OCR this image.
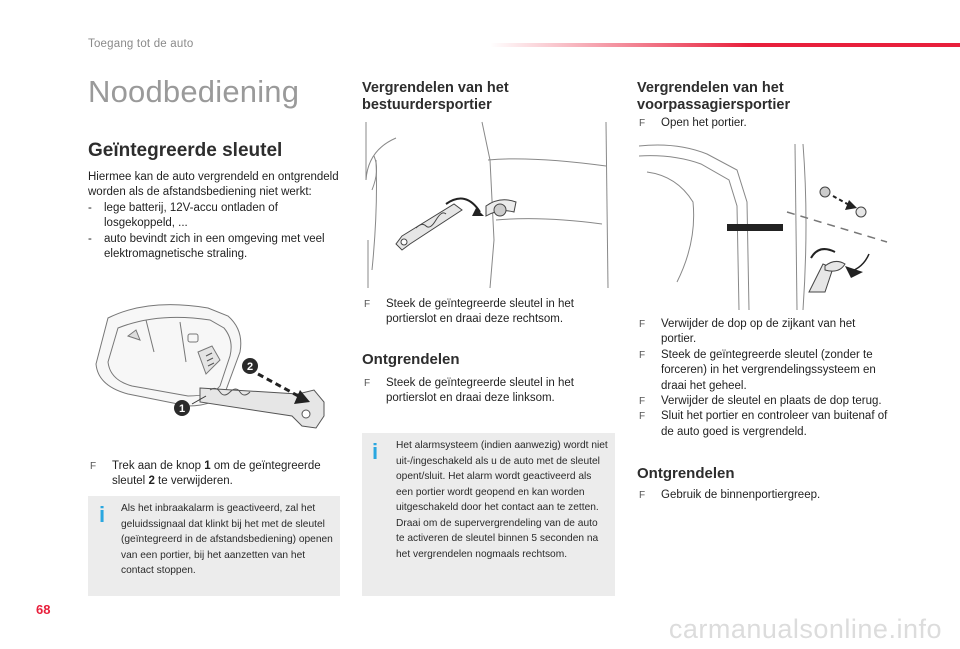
Toegang tot de auto
Noodbediening
Geïntegreerde sleutel
Hiermee kan de auto vergrendeld en ontgrendeld worden als de afstandsbediening niet werkt:
- lege batterij, 12V-accu ontladen of losgekoppeld, ...
- auto bevindt zich in een omgeving met veel elektromagnetische straling.
2
1
F Trek aan de knop 1 om de geïntegreerde sleutel 2 te verwijderen.
i Als het inbraakalarm is geactiveerd, zal het geluidssignaal dat klinkt bij het met de sleutel (geïntegreerd in de afstandsbediening) openen van een portier, bij het aanzetten van het contact stoppen.
Vergrendelen van het bestuurdersportier
F Steek de geïntegreerde sleutel in het portierslot en draai deze rechtsom.
Ontgrendelen
F Steek de geïntegreerde sleutel in het portierslot en draai deze linksom.
i Het alarmsysteem (indien aanwezig) wordt niet uit-/ingeschakeld als u de auto met de sleutel opent/sluit. Het alarm wordt geactiveerd als een portier wordt geopend en kan worden uitgeschakeld door het contact aan te zetten. Draai om de supervergrendeling van de auto te activeren de sleutel binnen 5 seconden na het vergrendelen nogmaals rechtsom.
Vergrendelen van het voorpassagiersportier
F Open het portier.
F Verwijder de dop op de zijkant van het portier.
F Steek de geïntegreerde sleutel (zonder te forceren) in het vergrendelingssysteem en draai het geheel.
F Verwijder de sleutel en plaats de dop terug.
F Sluit het portier en controleer van buitenaf of de auto goed is vergrendeld.
Ontgrendelen
F Gebruik de binnenportiergreep.
68
carmanualsonline.info
